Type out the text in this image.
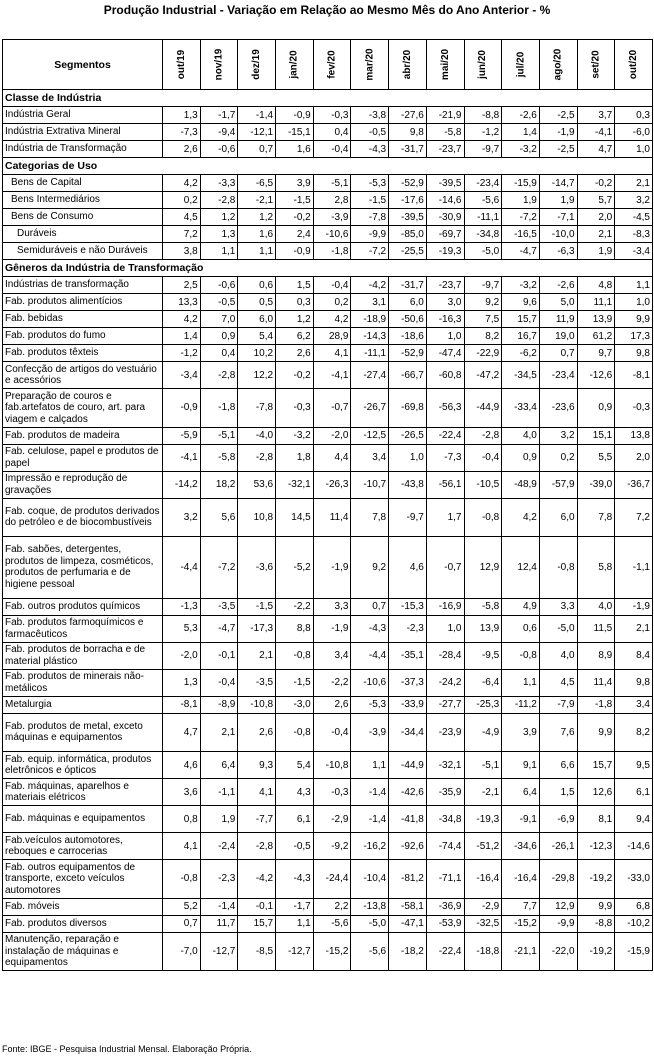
Produção Industrial - Variação em Relação ao Mesmo Mês do Ano Anterior - %
Segmentos	out/19	nov/19	dez/19	jan/20	fev/20	mar/20	abr/20	mai/20	jun/20	jul/20	ago/20	set/20	out/20
Classe de Indústria													
Indústria Geral	1,3	-1,7	-1,4	-0,9	-0,3	-3,8	-27,6	-21,9	-8,8	-2,6	-2,5	3,7	0,3
Indústria Extrativa Mineral	-7,3	-9,4	-12,1	-15,1	0,4	-0,5	9,8	-5,8	-1,2	1,4	-1,9	-4,1	-6,0
Indústria de Transformação	2,6	-0,6	0,7	1,6	-0,4	-4,3	-31,7	-23,7	-9,7	-3,2	-2,5	4,7	1,0
Categorias de Uso													
Bens de Capital	4,2	-3,3	-6,5	3,9	-5,1	-5,3	-52,9	-39,5	-23,4	-15,9	-14,7	-0,2	2,1
Bens Intermediários	0,2	-2,8	-2,1	-1,5	2,8	-1,5	-17,6	-14,6	-5,6	1,9	1,9	5,7	3,2
Bens de Consumo	4,5	1,2	1,2	-0,2	-3,9	-7,8	-39,5	-30,9	-11,1	-7,2	-7,1	2,0	-4,5
Duráveis	7,2	1,3	1,6	2,4	-10,6	-9,9	-85,0	-69,7	-34,8	-16,5	-10,0	2,1	-8,3
Semiduráveis e não Duráveis	3,8	1,1	1,1	-0,9	-1,8	-7,2	-25,5	-19,3	-5,0	-4,7	-6,3	1,9	-3,4
Gêneros da Indústria de Transformação													
Indústrias de transformação	2,5	-0,6	0,6	1,5	-0,4	-4,2	-31,7	-23,7	-9,7	-3,2	-2,6	4,8	1,1
Fab. produtos alimentícios	13,3	-0,5	0,5	0,3	0,2	3,1	6,0	3,0	9,2	9,6	5,0	11,1	1,0
Fab. bebidas	4,2	7,0	6,0	1,2	4,2	-18,9	-50,6	-16,3	7,5	15,7	11,9	13,9	9,9
Fab. produtos do fumo	1,4	0,9	5,4	6,2	28,9	-14,3	-18,6	1,0	8,2	16,7	19,0	61,2	17,3
Fab. produtos têxteis	-1,2	0,4	10,2	2,6	4,1	-11,1	-52,9	-47,4	-22,9	-6,2	0,7	9,7	9,8
Confecção de artigos do vestuário e acessórios	-3,4	-2,8	12,2	-0,2	-4,1	-27,4	-66,7	-60,8	-47,2	-34,5	-23,4	-12,6	-8,1
Preparação de couros e fab.artefatos de couro, art. para viagem e calçados	-0,9	-1,8	-7,8	-0,3	-0,7	-26,7	-69,8	-56,3	-44,9	-33,4	-23,6	0,9	-0,3
Fab. produtos de madeira	-5,9	-5,1	-4,0	-3,2	-2,0	-12,5	-26,5	-22,4	-2,8	4,0	3,2	15,1	13,8
Fab. celulose, papel e produtos de papel	-4,1	-5,8	-2,8	1,8	4,4	3,4	1,0	-7,3	-0,4	0,9	0,2	5,5	2,0
Impressão e reprodução de gravações	-14,2	18,2	53,6	-32,1	-26,3	-10,7	-43,8	-56,1	-10,5	-48,9	-57,9	-39,0	-36,7
Fab. coque, de produtos derivados do petróleo e de biocombustíveis	3,2	5,6	10,8	14,5	11,4	7,8	-9,7	1,7	-0,8	4,2	6,0	7,8	7,2
Fab. sabões, detergentes, produtos de limpeza, cosméticos, produtos de perfumaria e de higiene pessoal	-4,4	-7,2	-3,6	-5,2	-1,9	9,2	4,6	-0,7	12,9	12,4	-0,8	5,8	-1,1
Fab. outros produtos químicos	-1,3	-3,5	-1,5	-2,2	3,3	0,7	-15,3	-16,9	-5,8	4,9	3,3	4,0	-1,9
Fab. produtos farmoquímicos e farmacêuticos	5,3	-4,7	-17,3	8,8	-1,9	-4,3	-2,3	1,0	13,9	0,6	-5,0	11,5	2,1
Fab. produtos de borracha e de material plástico	-2,0	-0,1	2,1	-0,8	3,4	-4,4	-35,1	-28,4	-9,5	-0,8	4,0	8,9	8,4
Fab. produtos de minerais não-metálicos	1,3	-0,4	-3,5	-1,5	-2,2	-10,6	-37,3	-24,2	-6,4	1,1	4,5	11,4	9,8
Metalurgia	-8,1	-8,9	-10,8	-3,0	2,6	-5,3	-33,9	-27,7	-25,3	-11,2	-7,9	-1,8	3,4
Fab. produtos de metal, exceto máquinas e equipamentos	4,7	2,1	2,6	-0,8	-0,4	-3,9	-34,4	-23,9	-4,9	3,9	7,6	9,9	8,2
Fab. equip. informática, produtos eletrônicos e ópticos	4,6	6,4	9,3	5,4	-10,8	1,1	-44,9	-32,1	-5,1	9,1	6,6	15,7	9,5
Fab. máquinas, aparelhos e materiais elétricos	3,6	-1,1	4,1	4,3	-0,3	-1,4	-42,6	-35,9	-2,1	6,4	1,5	12,6	6,1
Fab. máquinas e equipamentos	0,8	1,9	-7,7	6,1	-2,9	-1,4	-41,8	-34,8	-19,3	-9,1	-6,9	8,1	9,4
Fab.veículos automotores, reboques e carrocerias	4,1	-2,4	-2,8	-0,5	-9,2	-16,2	-92,6	-74,4	-51,2	-34,6	-26,1	-12,3	-14,6
Fab. outros equipamentos de transporte, exceto veículos automotores	-0,8	-2,3	-4,2	-4,3	-24,4	-10,4	-81,2	-71,1	-16,4	-16,4	-29,8	-19,2	-33,0
Fab. móveis	5,2	-1,4	-0,1	-1,7	2,2	-13,8	-58,1	-36,9	-2,9	7,7	12,9	9,9	6,8
Fab. produtos diversos	0,7	11,7	15,7	1,1	-5,6	-5,0	-47,1	-53,9	-32,5	-15,2	-9,9	-8,8	-10,2
Manutenção, reparação e instalação de máquinas e equipamentos	-7,0	-12,7	-8,5	-12,7	-15,2	-5,6	-18,2	-22,4	-18,8	-21,1	-22,0	-19,2	-15,9
Fonte: IBGE - Pesquisa Industrial Mensal. Elaboração Própria.
